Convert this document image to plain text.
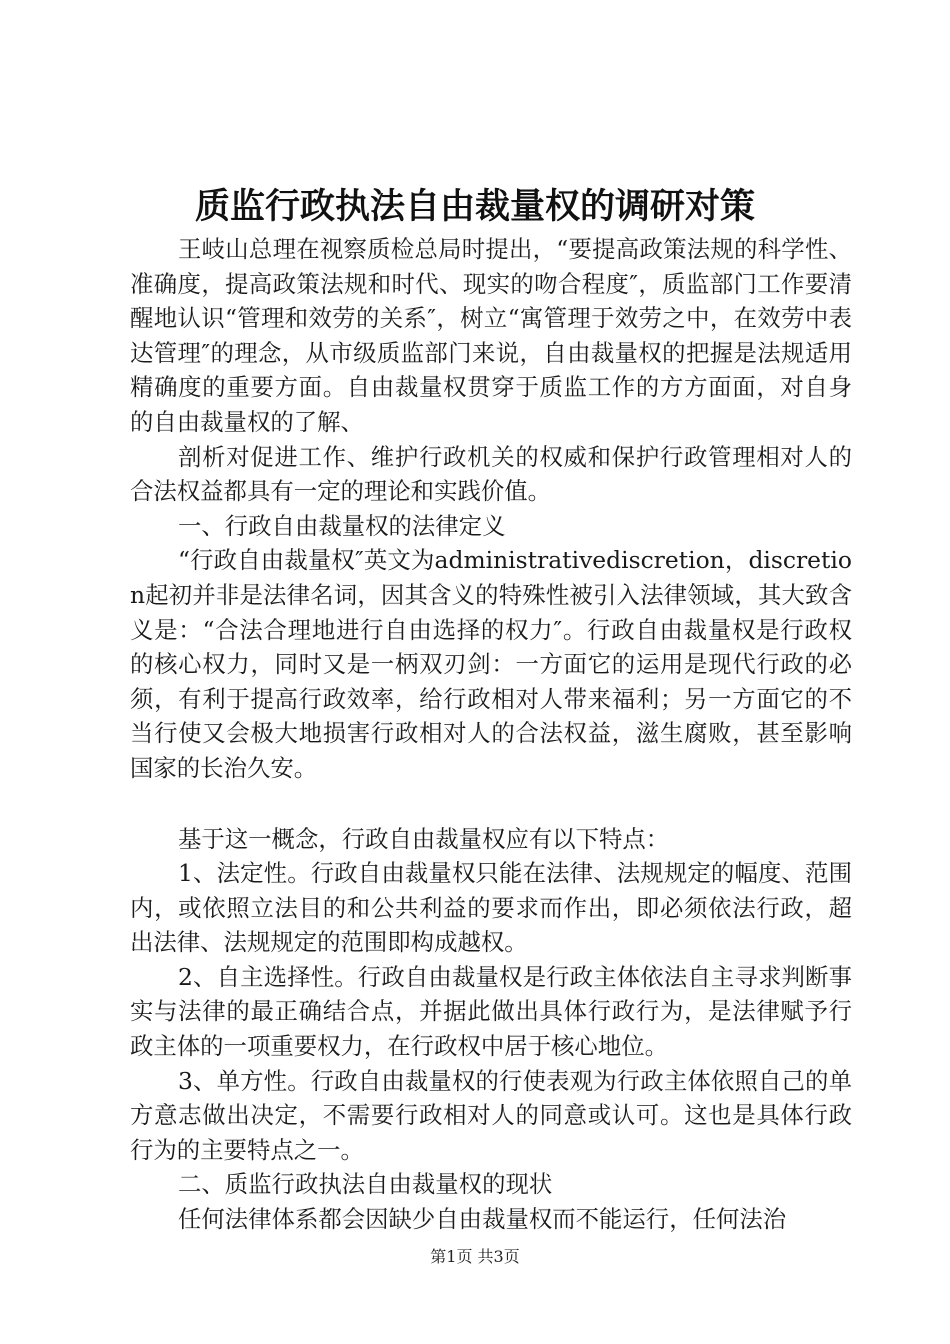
质监行政执法自由裁量权的调研对策

王岐山总理在视察质检总局时提出，“要提高政策法规的科学性、准确度，提高政策法规和时代、现实的吻合程度″，质监部门工作要清醒地认识“管理和效劳的关系″，树立“寓管理于效劳之中，在效劳中表达管理″的理念，从市级质监部门来说，自由裁量权的把握是法规适用精确度的重要方面。自由裁量权贯穿于质监工作的方方面面，对自身的自由裁量权的了解、

剖析对促进工作、维护行政机关的权威和保护行政管理相对人的合法权益都具有一定的理论和实践价值。

一、行政自由裁量权的法律定义

“行政自由裁量权″英文为administrativediscretion，discretion起初并非是法律名词，因其含义的特殊性被引入法律领域，其大致含义是：“合法合理地进行自由选择的权力″。行政自由裁量权是行政权的核心权力，同时又是一柄双刃剑：一方面它的运用是现代行政的必须，有利于提高行政效率，给行政相对人带来福利；另一方面它的不当行使又会极大地损害行政相对人的合法权益，滋生腐败，甚至影响国家的长治久安。

基于这一概念，行政自由裁量权应有以下特点：

1、法定性。行政自由裁量权只能在法律、法规规定的幅度、范围内，或依照立法目的和公共利益的要求而作出，即必须依法行政，超出法律、法规规定的范围即构成越权。

2、自主选择性。行政自由裁量权是行政主体依法自主寻求判断事实与法律的最正确结合点，并据此做出具体行政行为，是法律赋予行政主体的一项重要权力，在行政权中居于核心地位。

3、单方性。行政自由裁量权的行使表观为行政主体依照自己的单方意志做出决定，不需要行政相对人的同意或认可。这也是具体行政行为的主要特点之一。

二、质监行政执法自由裁量权的现状

任何法律体系都会因缺少自由裁量权而不能运行，任何法治

第1页 共3页
